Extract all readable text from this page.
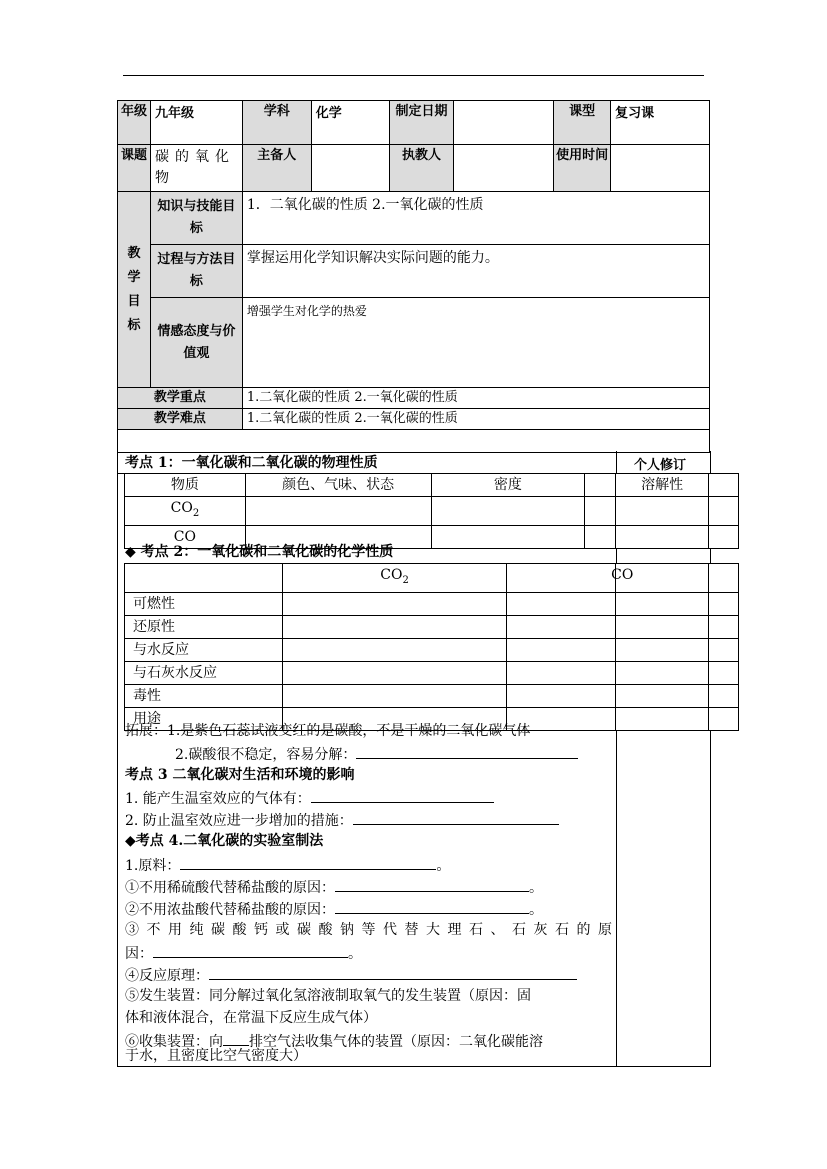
年级	九年级	学科	化学	制定日期		课型	复习课
课题	碳的氧化物	主备人		执教人		使用时间	
教学目标	知识与技能目标	1．二氧化碳的性质 2.一氧化碳的性质					
	过程与方法目标	掌握运用化学知识解决实际问题的能力。					
	情感态度与价值观	增强学生对化学的热爱					
教学重点		1.二氧化碳的性质 2.一氧化碳的性质					
教学难点		1.二氧化碳的性质 2.一氧化碳的性质					

考点 1：一氧化碳和二氧化碳的物理性质	个人修订
物质	颜色、气味、状态	密度		溶解性	
$CO_2$					
CO					
◆ 考点 2：一氧化碳和二氧化碳的化学性质
	$CO_2$		CO	
可燃性				
还原性				
与水反应				
与石灰水反应				
毒性				
用途				
拓展：1.是紫色石蕊试液变红的是碳酸，不是干燥的二氧化碳气体
2.碳酸很不稳定，容易分解：
考点 3 二氧化碳对生活和环境的影响
1. 能产生温室效应的气体有：
2. 防止温室效应进一步增加的措施：
◆考点 4.二氧化碳的实验室制法
1.原料：	。
①不用稀硫酸代替稀盐酸的原因：	。
②不用浓盐酸代替稀盐酸的原因：	。
③不用纯碳酸钙或碳酸钠等代替大理石、石灰石的原
因：	。
④反应原理：
⑤发生装置：同分解过氧化氢溶液制取氧气的发生装置（原因：固
体和液体混合，在常温下反应生成气体）
⑥收集装置：向 排空气法收集气体的装置（原因：二氧化碳能溶
于水，且密度比空气密度大）
